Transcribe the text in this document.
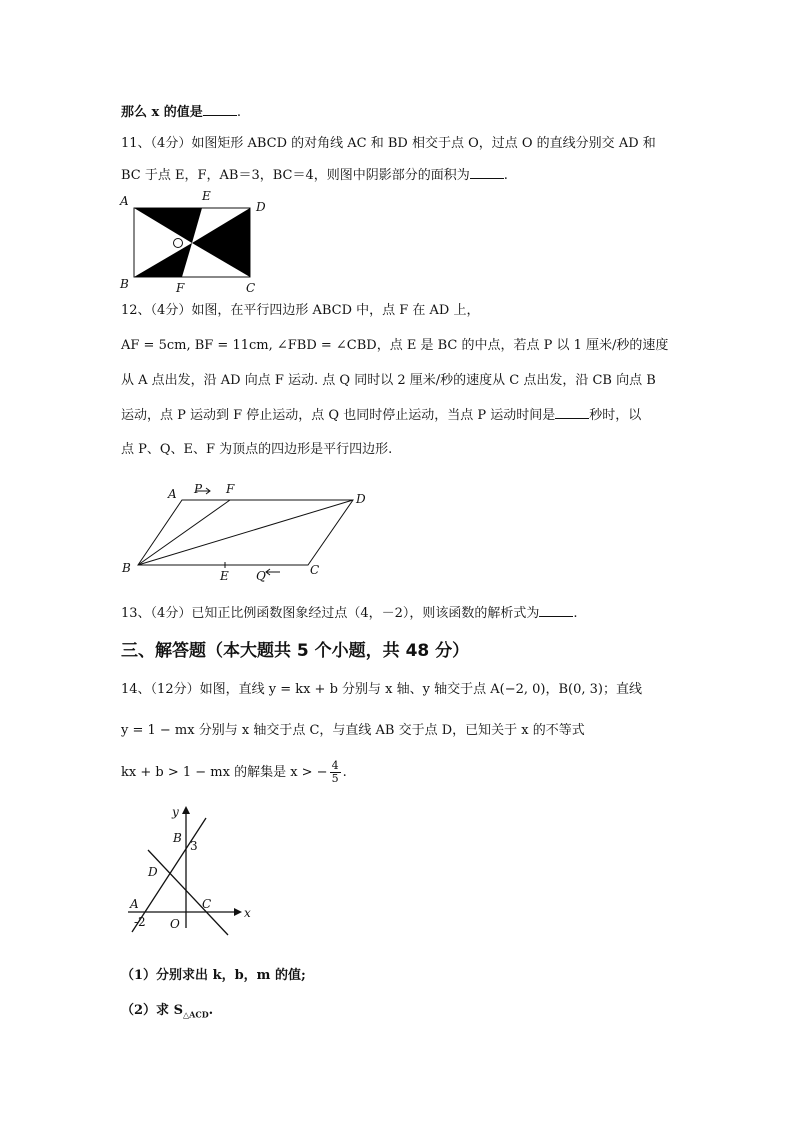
那么 x 的值是	.
11、（4分）如图矩形 ABCD 的对角线 AC 和 BD 相交于点 O，过点 O 的直线分别交 AD 和
BC 于点 E，F，AB＝3，BC＝4，则图中阴影部分的面积为	.
A	E
D
B	F	C
12、（4分）如图，在平行四边形 ABCD 中，点 F 在 AD 上，
AF = 5cm, BF = 11cm, ∠FBD = ∠CBD，点 E 是 BC 的中点，若点 P 以 1 厘米/秒的速度
从 A 点出发，沿 AD 向点 F 运动. 点 Q 同时以 2 厘米/秒的速度从 C 点出发，沿 CB 向点 B
运动，点 P 运动到 F 停止运动，点 Q 也同时停止运动，当点 P 运动时间是	秒时，以
点 P、Q、E、F 为顶点的四边形是平行四边形.
A P F
D
B
E Q	C
13、（4分）已知正比例函数图象经过点（4，－2），则该函数的解析式为	.
三、解答题（本大题共 5 个小题，共 48 分）
14、（12分）如图，直线 y = kx + b 分别与 x 轴、y 轴交于点 A(−2, 0)，B(0, 3)；直线
y = 1 − mx 分别与 x 轴交于点 C，与直线 AB 交于点 D，已知关于 x 的不等式
kx + b > 1 − mx 的解集是 x > − $\frac{4}{5}$ .
y
x
B
3
D
A
-2 O
C
（1）分别求出 k，b，m 的值;
（2）求 $S_{\triangle ACD}$.
